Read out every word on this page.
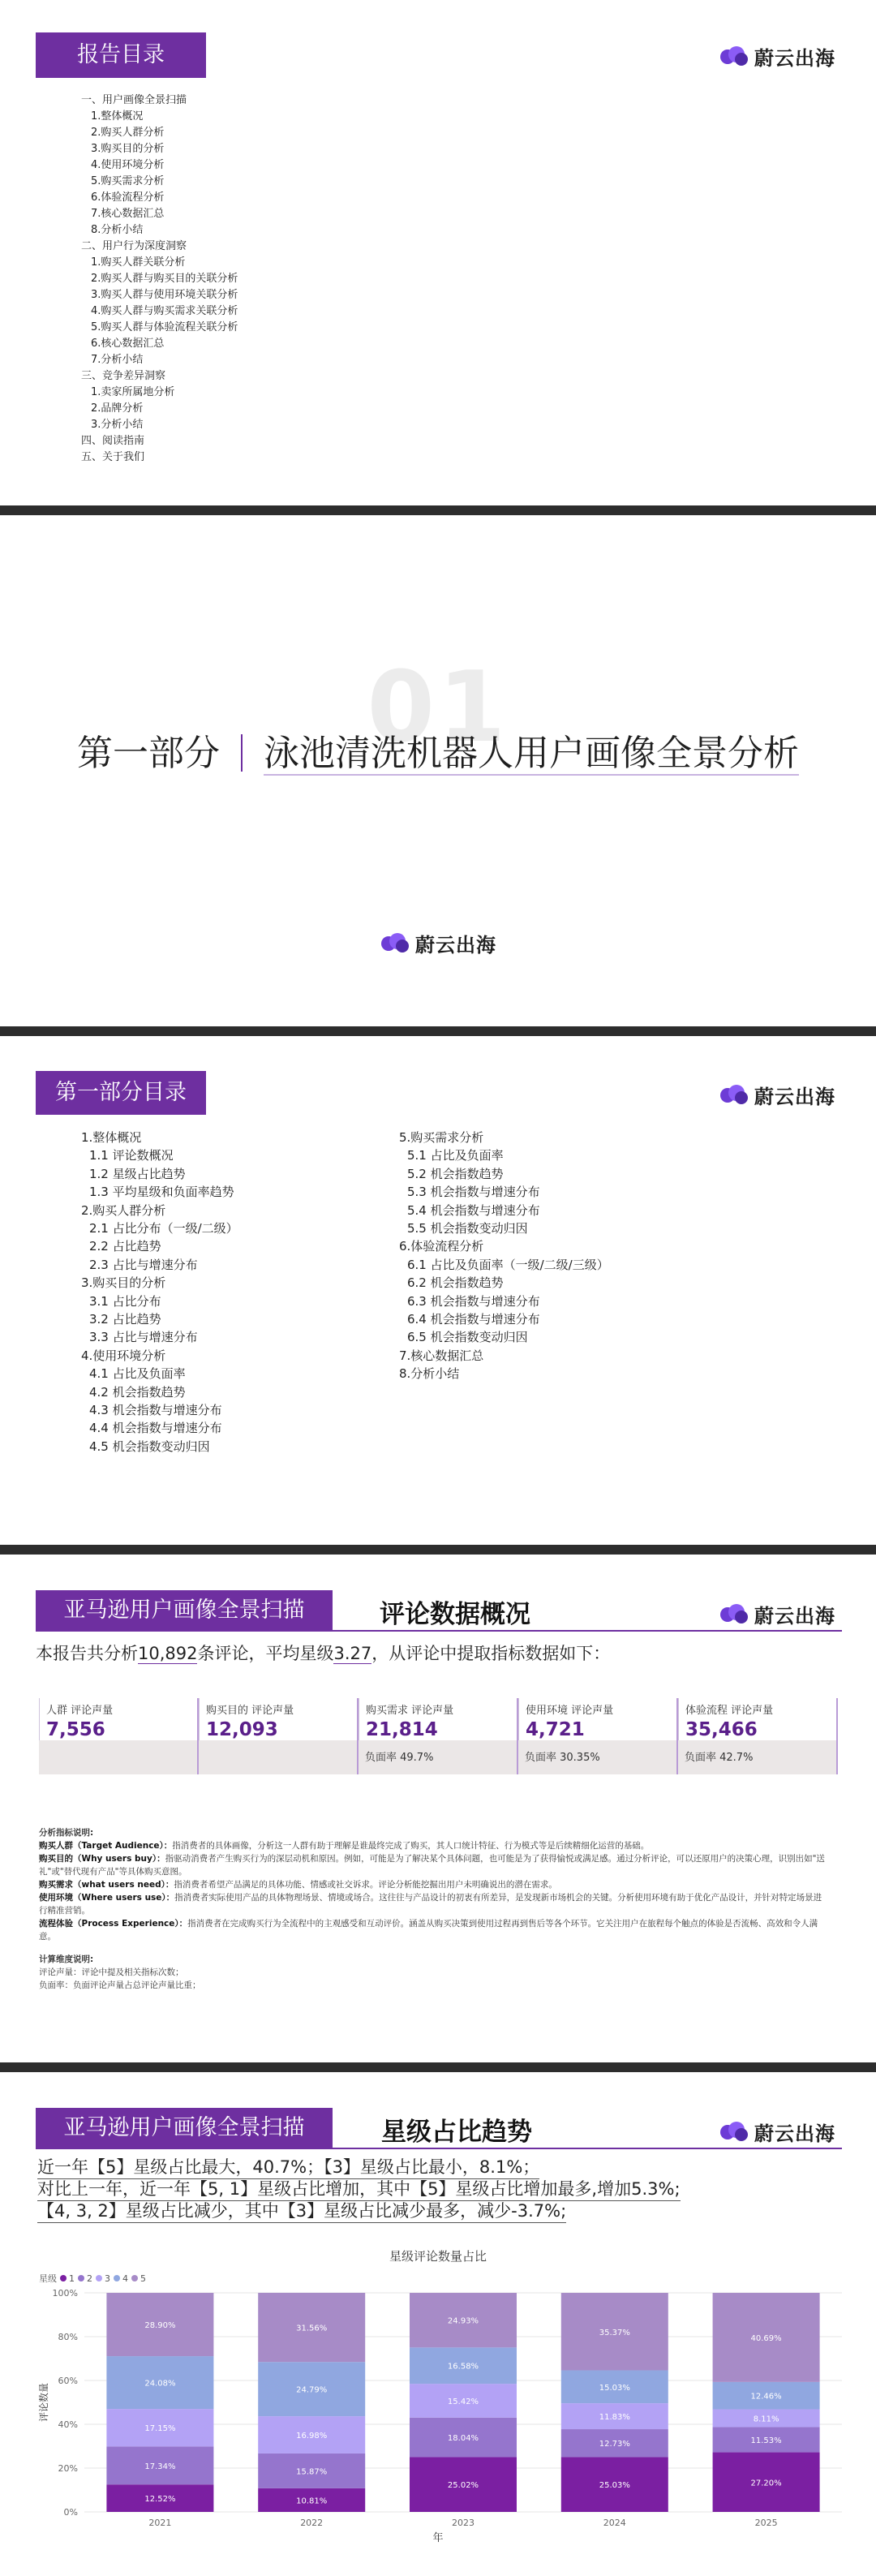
报告目录	蔚云出海
一、用户画像全景扫描
1.整体概况
2.购买人群分析
3.购买目的分析
4.使用环境分析
5.购买需求分析
6.体验流程分析
7.核心数据汇总
8.分析小结
二、用户行为深度洞察
1.购买人群关联分析
2.购买人群与购买目的关联分析
3.购买人群与使用环境关联分析
4.购买人群与购买需求关联分析
5.购买人群与体验流程关联分析
6.核心数据汇总
7.分析小结
三、竞争差异洞察
1.卖家所属地分析
2.品牌分析
3.分析小结
四、阅读指南
五、关于我们
01
第一部分 泳池清洗机器人用户画像全景分析
蔚云出海
第一部分目录	蔚云出海
1.整体概况
1.1 评论数概况
1.2 星级占比趋势
1.3 平均星级和负面率趋势
2.购买人群分析
2.1 占比分布（一级/二级）
2.2 占比趋势
2.3 占比与增速分布
3.购买目的分析
3.1 占比分布
3.2 占比趋势
3.3 占比与增速分布
4.使用环境分析
4.1 占比及负面率
4.2 机会指数趋势
4.3 机会指数与增速分布
4.4 机会指数与增速分布
4.5 机会指数变动归因
5.购买需求分析
5.1 占比及负面率
5.2 机会指数趋势
5.3 机会指数与增速分布
5.4 机会指数与增速分布
5.5 机会指数变动归因
6.体验流程分析
6.1 占比及负面率（一级/二级/三级）
6.2 机会指数趋势
6.3 机会指数与增速分布
6.4 机会指数与增速分布
6.5 机会指数变动归因
7.核心数据汇总
8.分析小结
亚马逊用户画像全景扫描	评论数据概况	蔚云出海
本报告共分析10,892条评论，平均星级3.27，从评论中提取指标数据如下：
人群 评论声量
7,556
购买目的 评论声量
12,093
购买需求 评论声量
21,814
负面率 49.7%
使用环境 评论声量
4,721
负面率 30.35%
体验流程 评论声量
35,466
负面率 42.7%
分析指标说明:
购买人群（Target Audience）：指消费者的具体画像，分析这一人群有助于理解是谁最终完成了购买，其人口统计特征、行为模式等是后续精细化运营的基础。
购买目的（Why users buy）：指驱动消费者产生购买行为的深层动机和原因。例如，可能是为了解决某个具体问题，也可能是为了获得愉悦或满足感。通过分析评论，可以还原用户的决策心理，识别出如"送礼"或"替代现有产品"等具体购买意图。
购买需求（what users need）：指消费者希望产品满足的具体功能、情感或社交诉求。评论分析能挖掘出用户未明确说出的潜在需求。
使用环境（Where users use）：指消费者实际使用产品的具体物理场景、情境或场合。这往往与产品设计的初衷有所差异，是发现新市场机会的关键。分析使用环境有助于优化产品设计，并针对特定场景进行精准营销。
流程体验（Process Experience）：指消费者在完成购买行为全流程中的主观感受和互动评价。涵盖从购买决策到使用过程再到售后等各个环节。它关注用户在旅程每个触点的体验是否流畅、高效和令人满意。
计算维度说明:
评论声量：评论中提及相关指标次数；
负面率：负面评论声量占总评论声量比重；
亚马逊用户画像全景扫描	星级占比趋势	蔚云出海
近一年【5】星级占比最大，40.7%；【3】星级占比最小，8.1%；
对比上一年，近一年【5, 1】星级占比增加，其中【5】星级占比增加最多,增加5.3%;
【4, 3, 2】星级占比减少，其中【3】星级占比减少最多，减少-3.7%;
星级评论数量占比
星级 1 2 3 4 5
0%
20%
40%
60%
80%
100%
评论数量
12.52%
17.34%
17.15%
24.08%
28.90%
2021
10.81%
15.87%
16.98%
24.79%
31.56%
2022
25.02%
18.04%
15.42%
16.58%
24.93%
2023
25.03%
12.73%
11.83%
15.03%
35.37%
2024
27.20%
11.53%
8.11%
12.46%
40.69%
2025
年
